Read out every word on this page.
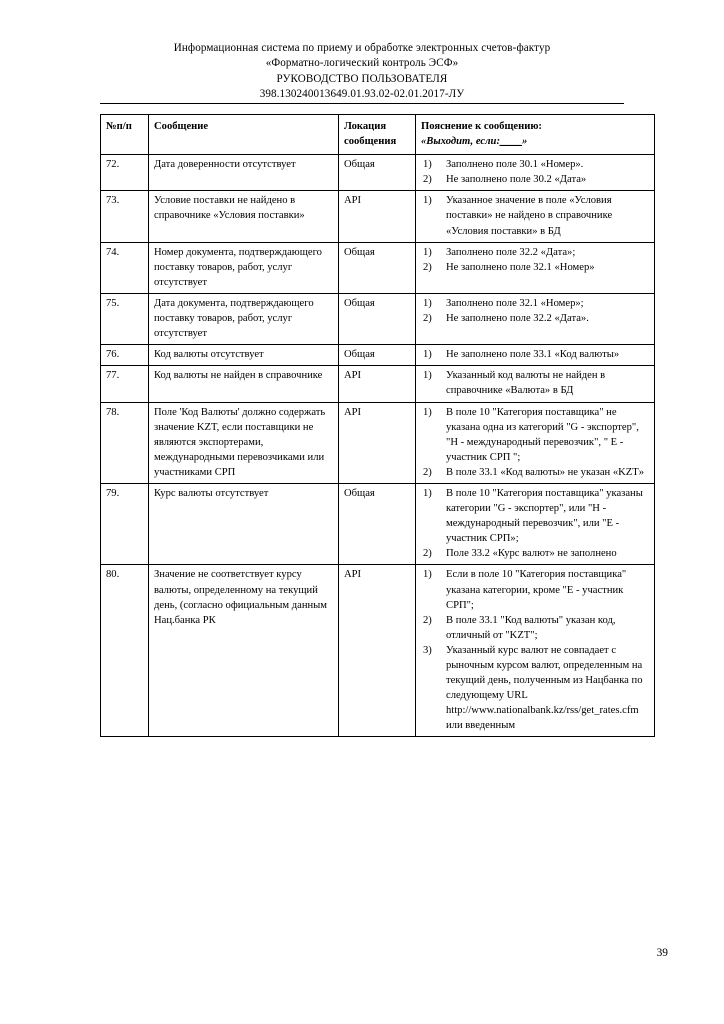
Информационная система по приему и обработке электронных счетов-фактур
«Форматно-логический контроль ЭСФ»
РУКОВОДСТВО ПОЛЬЗОВАТЕЛЯ
398.130240013649.01.93.02-02.01.2017-ЛУ
№п/п	Сообщение	Локация сообщения	Пояснение к сообщению:
«Выходит, если:____»

72.	Дата доверенности отсутствует	Общая	Заполнено поле 30.1 «Номер».
Не заполнено поле 30.2 «Дата»

73.	Условие поставки не найдено в справочнике «Условия поставки»	API	Указанное значение в поле «Условия поставки» не найдено в справочнике «Условия поставки» в БД

74.	Номер документа, подтверждающего поставку товаров, работ, услуг отсутствует	Общая	Заполнено поле 32.2 «Дата»;
Не заполнено поле 32.1 «Номер»

75.	Дата документа, подтверждающего поставку товаров, работ, услуг отсутствует	Общая	Заполнено поле 32.1 «Номер»;
Не заполнено поле 32.2 «Дата».

76.	Код валюты отсутствует	Общая	Не заполнено поле 33.1 «Код валюты»

77.	Код валюты не найден в справочнике	API	Указанный код валюты не найден в справочнике «Валюта» в БД

78.	Поле 'Код Валюты' должно содержать значение KZT, если поставщики не являются экспортерами, международными перевозчиками или участниками СРП	API	В поле 10 "Категория поставщика" не указана одна из категорий "G - экспортер", "H - международный перевозчик", " E - участник СРП ";
В поле 33.1 «Код валюты» не указан «KZT»

79.	Курс валюты отсутствует	Общая	В поле 10 "Категория поставщика" указаны категории "G - экспортер", или "H - международный перевозчик", или "E - участник СРП»;
Поле 33.2 «Курс валют» не заполнено

80.	Значение не соответствует курсу валюты, определенному на текущий день, (согласно официальным данным Нац.банка РК	API	Если в поле 10 "Категория поставщика" указана категории, кроме "E - участник СРП";
В поле 33.1 "Код валюты" указан код, отличный от "KZT";
Указанный курс валют не совпадает с рыночным курсом валют, определенным на текущий день, полученным из Нацбанка по следующему URL http://www.nationalbank.kz/rss/get_rates.cfm или введенным
39
